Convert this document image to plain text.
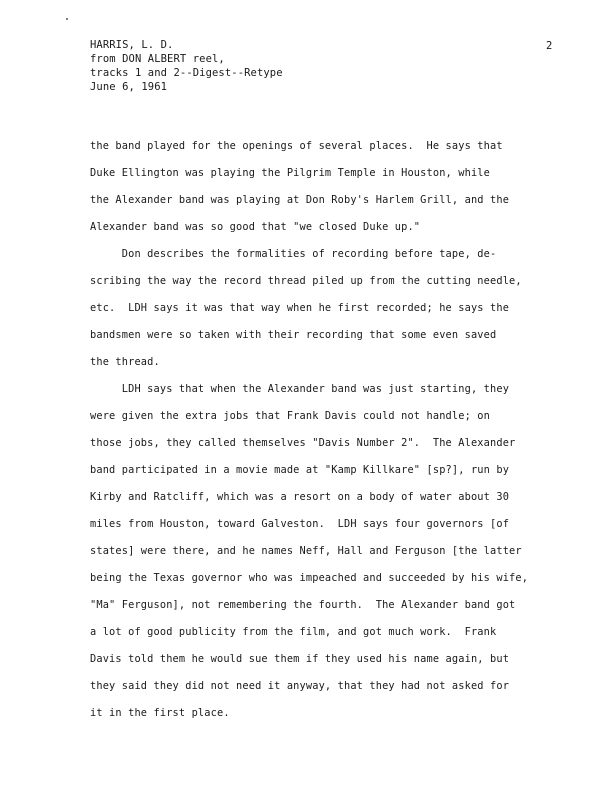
HARRIS, L. D.
from DON ALBERT reel,
tracks 1 and 2--Digest--Retype
June 6, 1961
2
the band played for the openings of several places.  He says that
Duke Ellington was playing the Pilgrim Temple in Houston, while
the Alexander band was playing at Don Roby's Harlem Grill, and the
Alexander band was so good that "we closed Duke up."
Don describes the formalities of recording before tape, de-
scribing the way the record thread piled up from the cutting needle,
etc.  LDH says it was that way when he first recorded; he says the
bandsmen were so taken with their recording that some even saved
the thread.
LDH says that when the Alexander band was just starting, they
were given the extra jobs that Frank Davis could not handle; on
those jobs, they called themselves "Davis Number 2".  The Alexander
band participated in a movie made at "Kamp Killkare" [sp?], run by
Kirby and Ratcliff, which was a resort on a body of water about 30
miles from Houston, toward Galveston.  LDH says four governors [of
states] were there, and he names Neff, Hall and Ferguson [the latter
being the Texas governor who was impeached and succeeded by his wife,
"Ma" Ferguson], not remembering the fourth.  The Alexander band got
a lot of good publicity from the film, and got much work.  Frank
Davis told them he would sue them if they used his name again, but
they said they did not need it anyway, that they had not asked for
it in the first place.
